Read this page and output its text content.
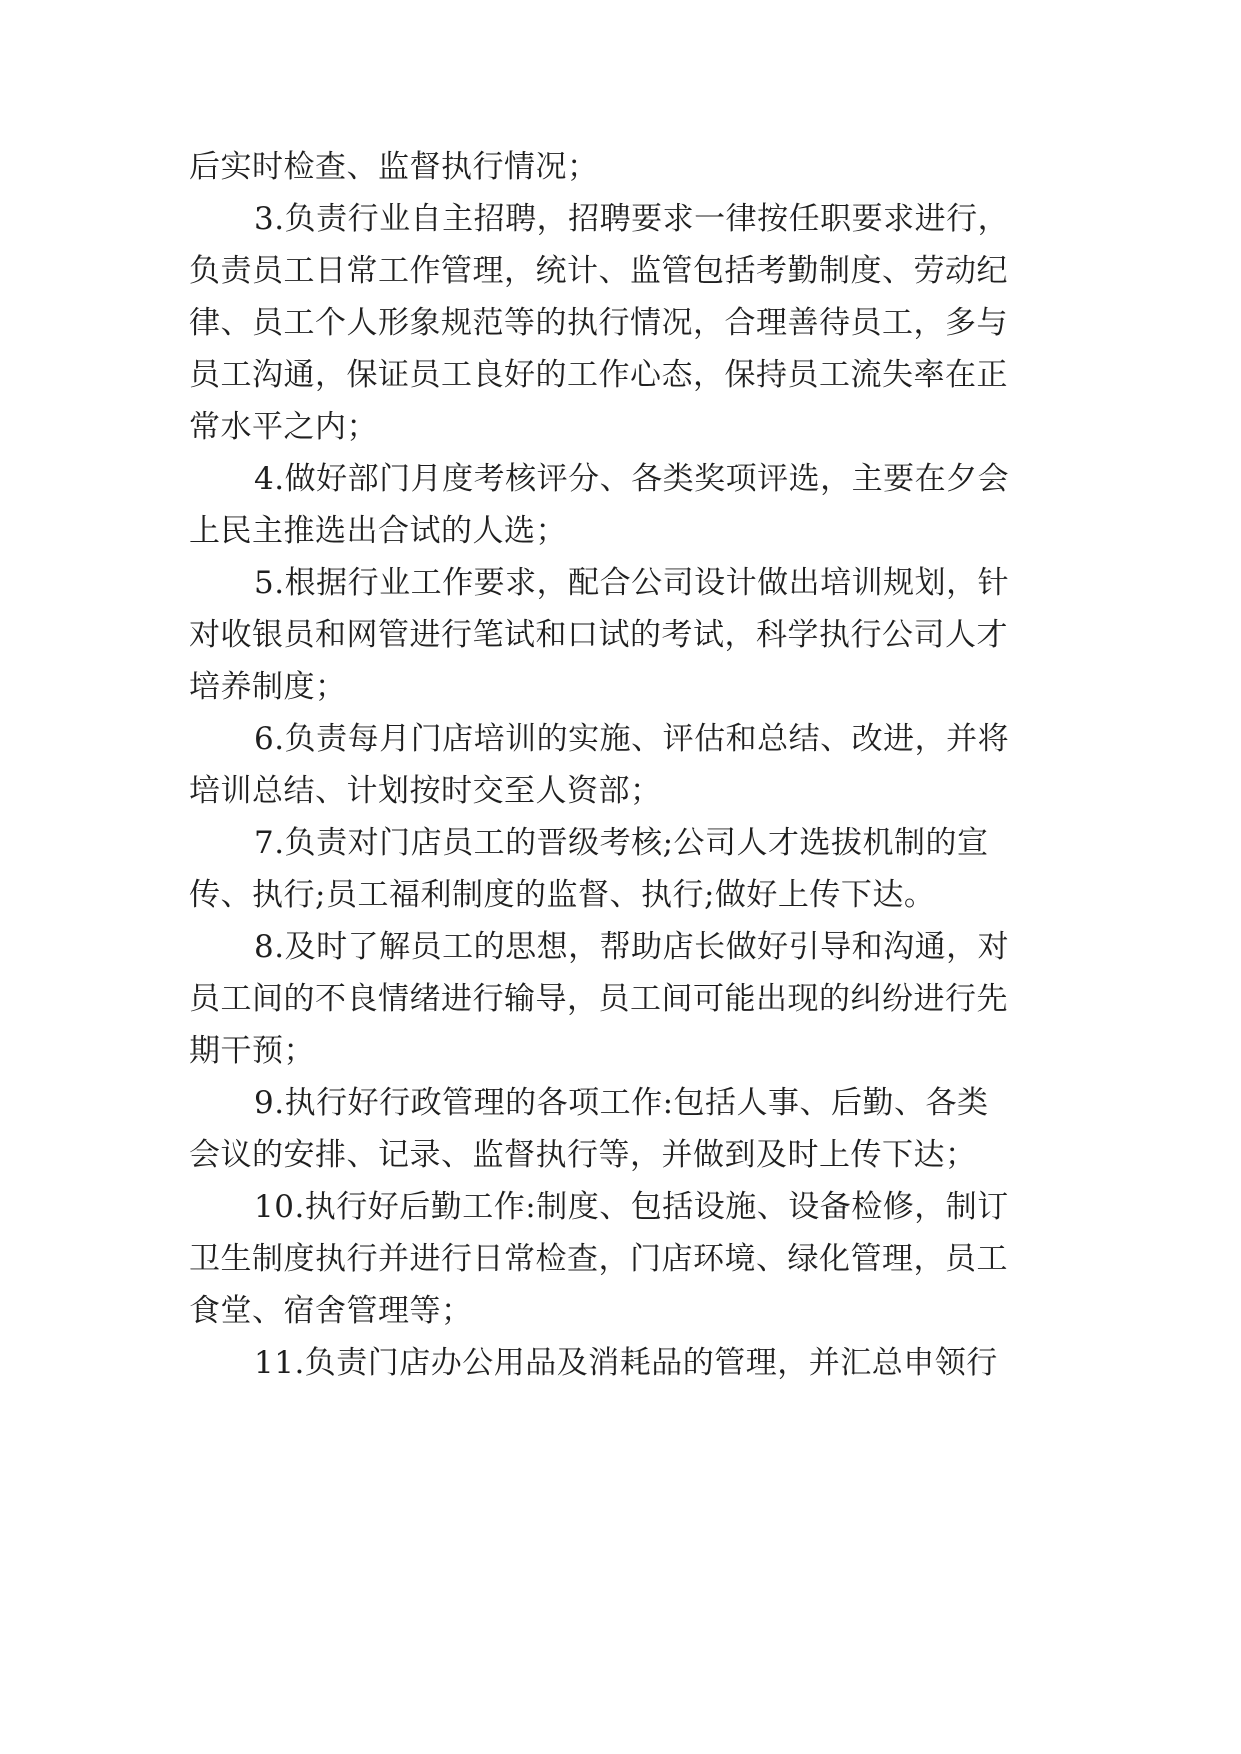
后实时检查、监督执行情况；
3.负责行业自主招聘，招聘要求一律按任职要求进行，
负责员工日常工作管理，统计、监管包括考勤制度、劳动纪
律、员工个人形象规范等的执行情况，合理善待员工，多与
员工沟通，保证员工良好的工作心态，保持员工流失率在正
常水平之内；
4.做好部门月度考核评分、各类奖项评选，主要在夕会
上民主推选出合试的人选；
5.根据行业工作要求，配合公司设计做出培训规划，针
对收银员和网管进行笔试和口试的考试，科学执行公司人才
培养制度；
6.负责每月门店培训的实施、评估和总结、改进，并将
培训总结、计划按时交至人资部；
7.负责对门店员工的晋级考核;公司人才选拔机制的宣
传、执行;员工福利制度的监督、执行;做好上传下达。
8.及时了解员工的思想，帮助店长做好引导和沟通，对
员工间的不良情绪进行输导，员工间可能出现的纠纷进行先
期干预；
9.执行好行政管理的各项工作:包括人事、后勤、各类
会议的安排、记录、监督执行等，并做到及时上传下达；
10.执行好后勤工作:制度、包括设施、设备检修，制订
卫生制度执行并进行日常检查，门店环境、绿化管理，员工
食堂、宿舍管理等；
11.负责门店办公用品及消耗品的管理，并汇总申领行
